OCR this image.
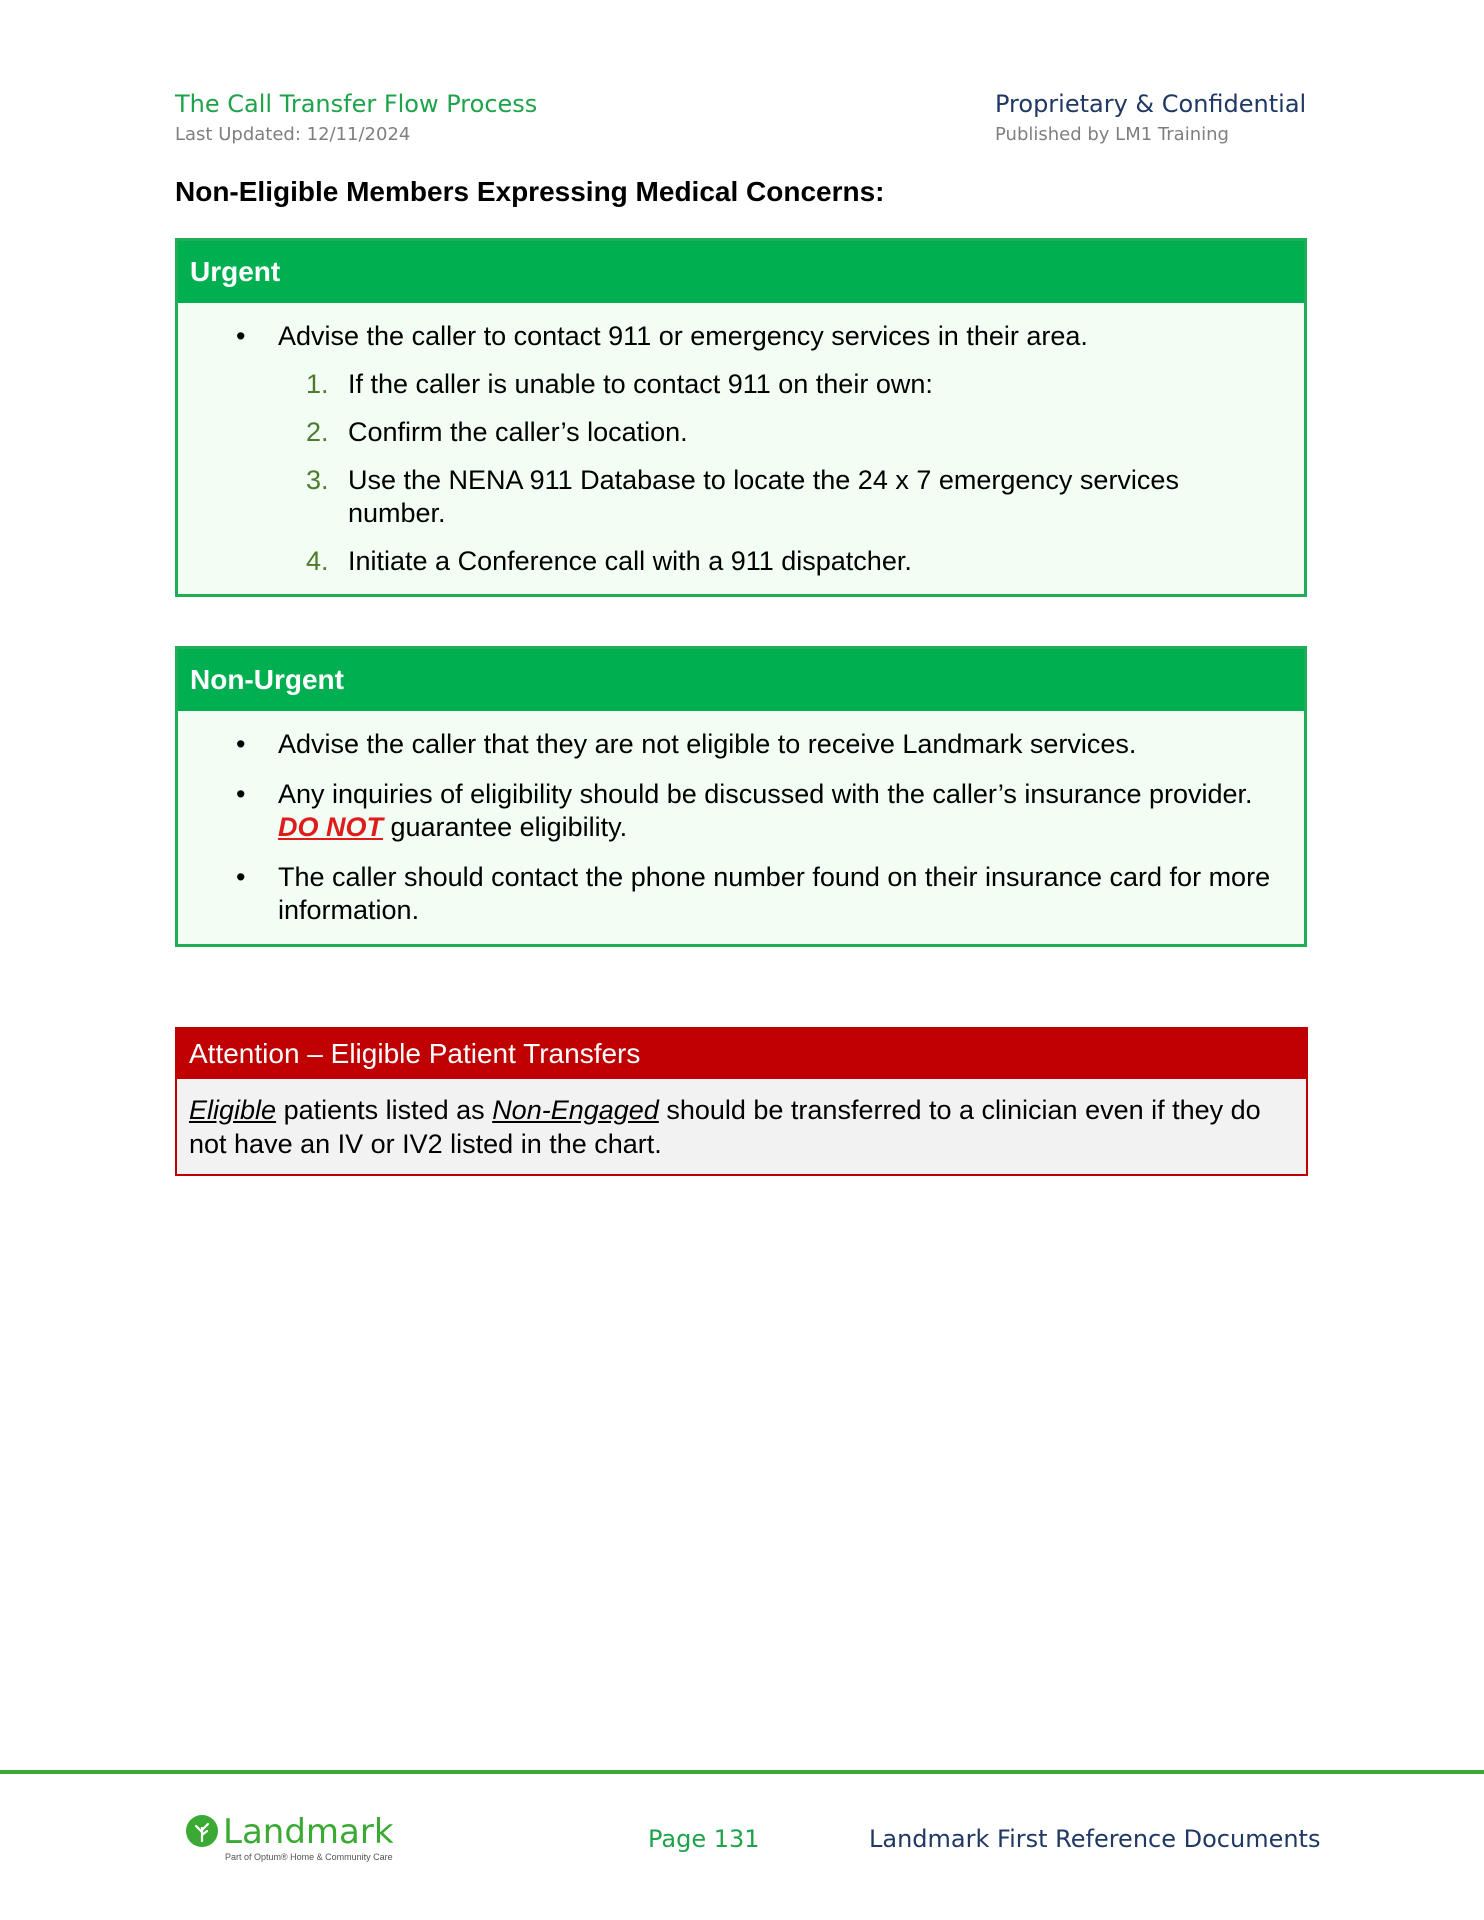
The Call Transfer Flow Process
Last Updated: 12/11/2024
Proprietary & Confidential
Published by LM1 Training
Non-Eligible Members Expressing Medical Concerns:
Urgent
• Advise the caller to contact 911 or emergency services in their area.
1. If the caller is unable to contact 911 on their own:
2. Confirm the caller’s location.
3. Use the NENA 911 Database to locate the 24 x 7 emergency services number.
4. Initiate a Conference call with a 911 dispatcher.
Non-Urgent
• Advise the caller that they are not eligible to receive Landmark services.
• Any inquiries of eligibility should be discussed with the caller’s insurance provider. DO NOT guarantee eligibility.
• The caller should contact the phone number found on their insurance card for more information.
Attention – Eligible Patient Transfers
Eligible patients listed as Non-Engaged should be transferred to a clinician even if they do not have an IV or IV2 listed in the chart.
Landmark
Part of Optum® Home & Community Care
Page 131	Landmark First Reference Documents
